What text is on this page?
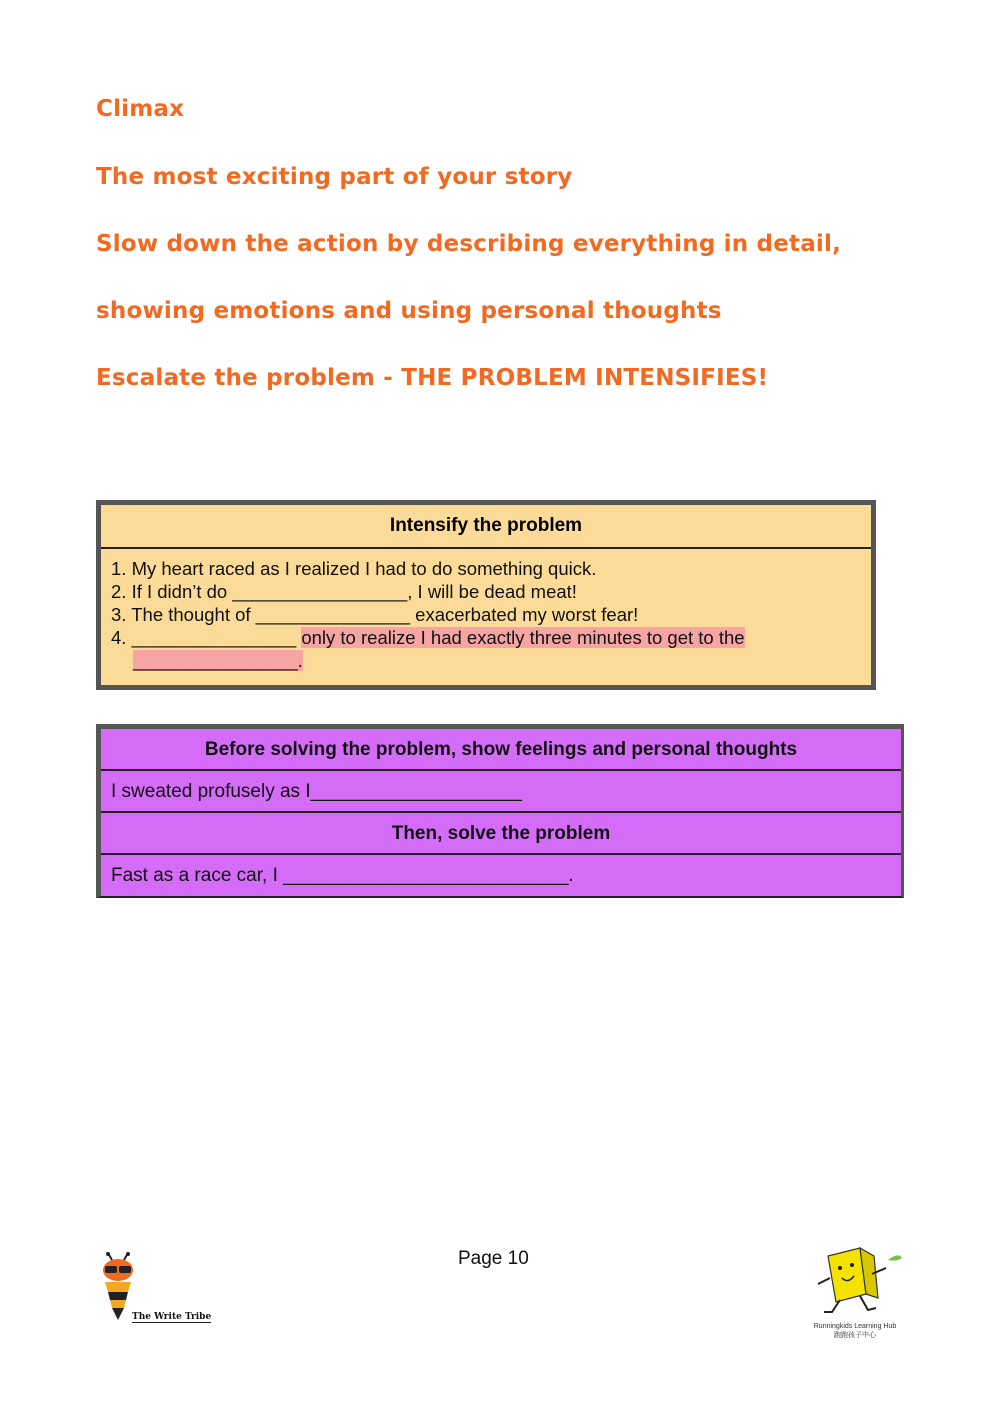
Climax
The most exciting part of your story

Slow down the action by describing everything in detail,

showing emotions and using personal thoughts

Escalate the problem - THE PROBLEM INTENSIFIES!

Intensify the problem
1. My heart raced as I realized I had to do something quick.
2. If I didn’t do _________________, I will be dead meat!
3. The thought of _______________ exacerbated my worst fear!
4. ________________ only to realize I had exactly three minutes to get to the
________________.
Before solving the problem, show feelings and personal thoughts
I sweated profusely as I____________________
Then, solve the problem
Fast as a race car, I ___________________________.
Page 10
The Write Tribe
Runningkids Learning Hub
跑跑孩子中心
